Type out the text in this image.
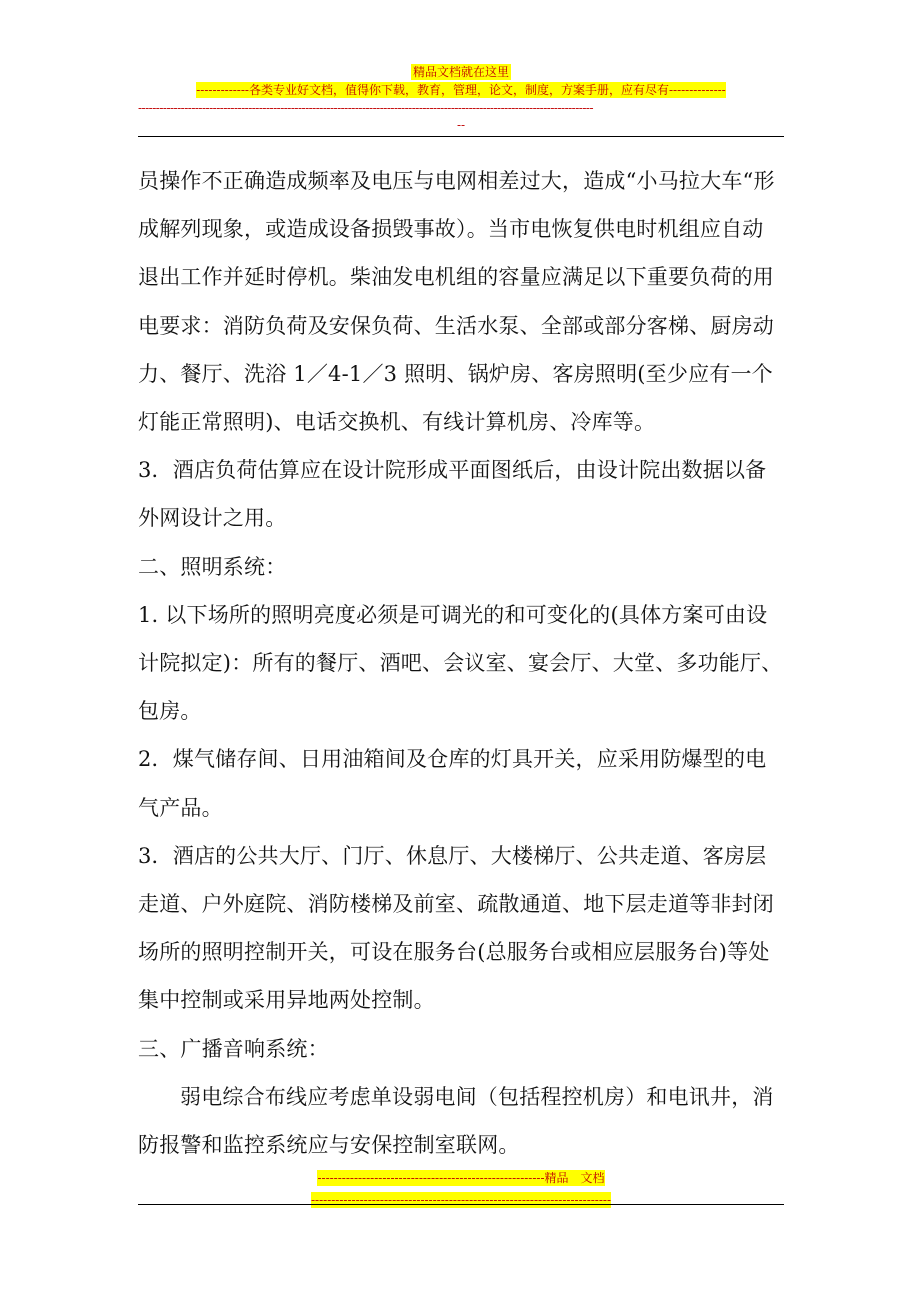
精品文档就在这里
-------------各类专业好文档，值得你下载，教育，管理，论文，制度，方案手册，应有尽有--------------
--------------------------------------------------------------------------------------------------------------------------------
--

员操作不正确造成频率及电压与电网相差过大，造成“小马拉大车“形成解列现象，或造成设备损毁事故）。当市电恢复供电时机组应自动退出工作并延时停机。柴油发电机组的容量应满足以下重要负荷的用电要求：消防负荷及安保负荷、生活水泵、全部或部分客梯、厨房动力、餐厅、洗浴 1／4-1／3 照明、锅炉房、客房照明(至少应有一个灯能正常照明)、电话交换机、有线计算机房、冷库等。

3．酒店负荷估算应在设计院形成平面图纸后，由设计院出数据以备外网设计之用。

二、照明系统：

1. 以下场所的照明亮度必须是可调光的和可变化的(具体方案可由设计院拟定)：所有的餐厅、酒吧、会议室、宴会厅、大堂、多功能厅、包房。

2．煤气储存间、日用油箱间及仓库的灯具开关，应采用防爆型的电气产品。

3．酒店的公共大厅、门厅、休息厅、大楼梯厅、公共走道、客房层走道、户外庭院、消防楼梯及前室、疏散通道、地下层走道等非封闭场所的照明控制开关，可设在服务台(总服务台或相应层服务台)等处集中控制或采用异地两处控制。

三、广播音响系统：

弱电综合布线应考虑单设弱电间（包括程控机房）和电讯井，消防报警和监控系统应与安保控制室联网。

--------------------------------------------------------精品　文档
--------------------------------------------------------------------------
